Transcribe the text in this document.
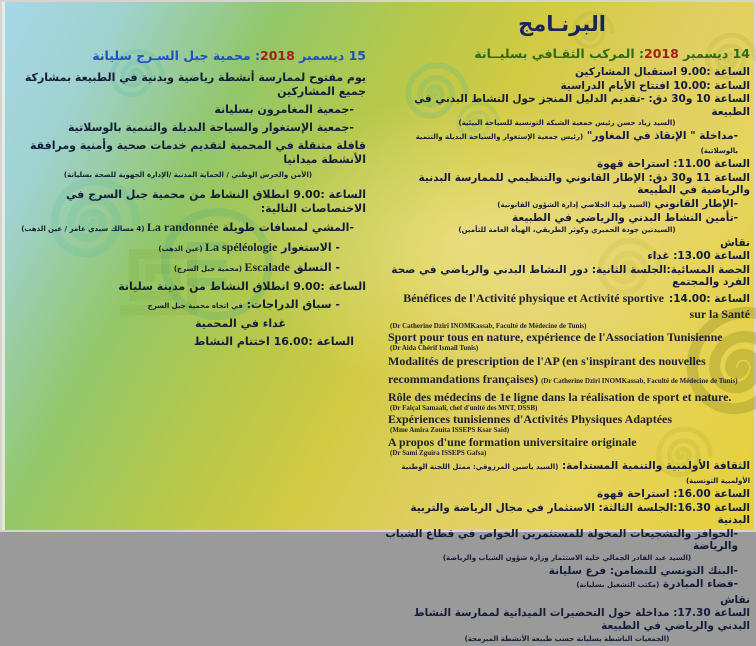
البرنـامج
14 ديسمبر 2018: المركب الثقـافي بسليــانة
الساعة :9.00 استقبال المشاركين
الساعة :10.00 افتتاح الأيام الدراسية
الساعة 10 و30 دق: -تقديم الدليل المنجز حول النشاط البدني في الطبيعة
(السيد زياد حسن رئيس جمعية الشبكة التونسية للسياحة البيئية)
-مداخلة " الإنقاذ في المغاور" (رئيس جمعية الإستغوار والسياحة البديلة والتنمية بالوسلاتية)
الساعة 11.00: استراحة قهوة
الساعة 11 و30 دق: الإطار القانوني والتنظيمي للممارسة البدنية والرياضية في الطبيعة
-الإطار القانوني (السيد وليد الجلاصي إدارة الشؤون القانونية)
-تأمين النشاط البدني والرياضي في الطبيعة
(السيدتين جودة الحميري وكوثر الطريقي، الهيأة العامة للتأمين)
نقاش
الساعة 13.00: غداء
الحصة المسائية:الجلسة الثانية: دور النشاط البدني والرياضي في صحة الفرد والمجتمع
الساعة :14.00: Bénéfices de l'Activité physique et Activité sportive sur la Santé
(Dr Catherine Dziri INOMKassab, Faculté de Médecine de Tunis)
Sport pour tous en nature, expérience de l'Association Tunisienne
(Dr Aida Chérif Ismaïl Tunis)
Modalités de prescription de l'AP (en s'inspirant des nouvelles
recommandations françaises) (Dr Catherine Dziri INOMKassab, Faculté de Médecine de Tunis)
Rôle des médecins de 1e ligne dans la réalisation de sport et nature.
(Dr Faiçal Samaali, chef d'unité des MNT, DSSB)
Expériences tunisiennes d'Activités Physiques Adaptées
(Mme Amira Zouita ISSEPS Ksar Saïd)
A propos d'une formation universitaire originale
(Dr Sami Zguira ISSEPS Gafsa)
الثقافة الأولمبية والتنمية المستدامة: (السيد ياسين المرزوقي: ممثل اللجنة الوطنية الأولمبية التونسية)
الساعة 16.00: استراحة قهوة
الساعة 16.30:الجلسة الثالثة: الاستثمار في مجال الرياضة والتربية البدنية
-الحوافز والتشجيعات المخولة للمستثمرين الخواص في قطاع الشباب والرياضة
(السيد عبد القادر الجمالي خلية الاستثمار وزارة شؤون الشباب والرياضة)
-البنك التونسي للتضامن: فرع سليانة
-فضاء المبادرة (مكتب التشغيل بسليانة)
نقاش
الساعة 17.30: مداخلة حول التحضيرات الميدانية لممارسة النشاط البدني والرياضي في الطبيعة
(الجمعيات الناشطة بسليانة حسب طبيعة الأنشطة المبرمجة)
15 ديسمبر 2018: محمية جبل السـرج سليانة
يوم مفتوح لممارسة أنشطة رياضية وبدنية في الطبيعة بمشاركة جميع المشاركين
-جمعية المغامرون بسليانة
-جمعية الإستغوار والسياحة البديلة والتنمية بالوسلاتية
قافلة متنقلة في المحمية لتقديم خدمات صحية وأمنية ومرافقة الأنشطة ميدانيا
(الأمن والحرس الوطني / الحماية المدنية /الإدارة الجهوية للصحة بسليانة)
الساعة :9.00 انطلاق النشاط من محمية جبل السرج في الاختصاصات التالية:
-المشي لمسافات طويلة La randonnée (4 مسالك سيدي عامر / عين الذهب)
- الاستغوار La spéléologie (عين الذهب)
- التسلق Escalade (محمية جبل السرج)
الساعة :9.00 انطلاق النشاط من مدينة سليانة
- سباق الدراجات: في اتجاه محمية جبل السرج
غداء في المحمية
الساعة :16.00 اختتام النشاط
